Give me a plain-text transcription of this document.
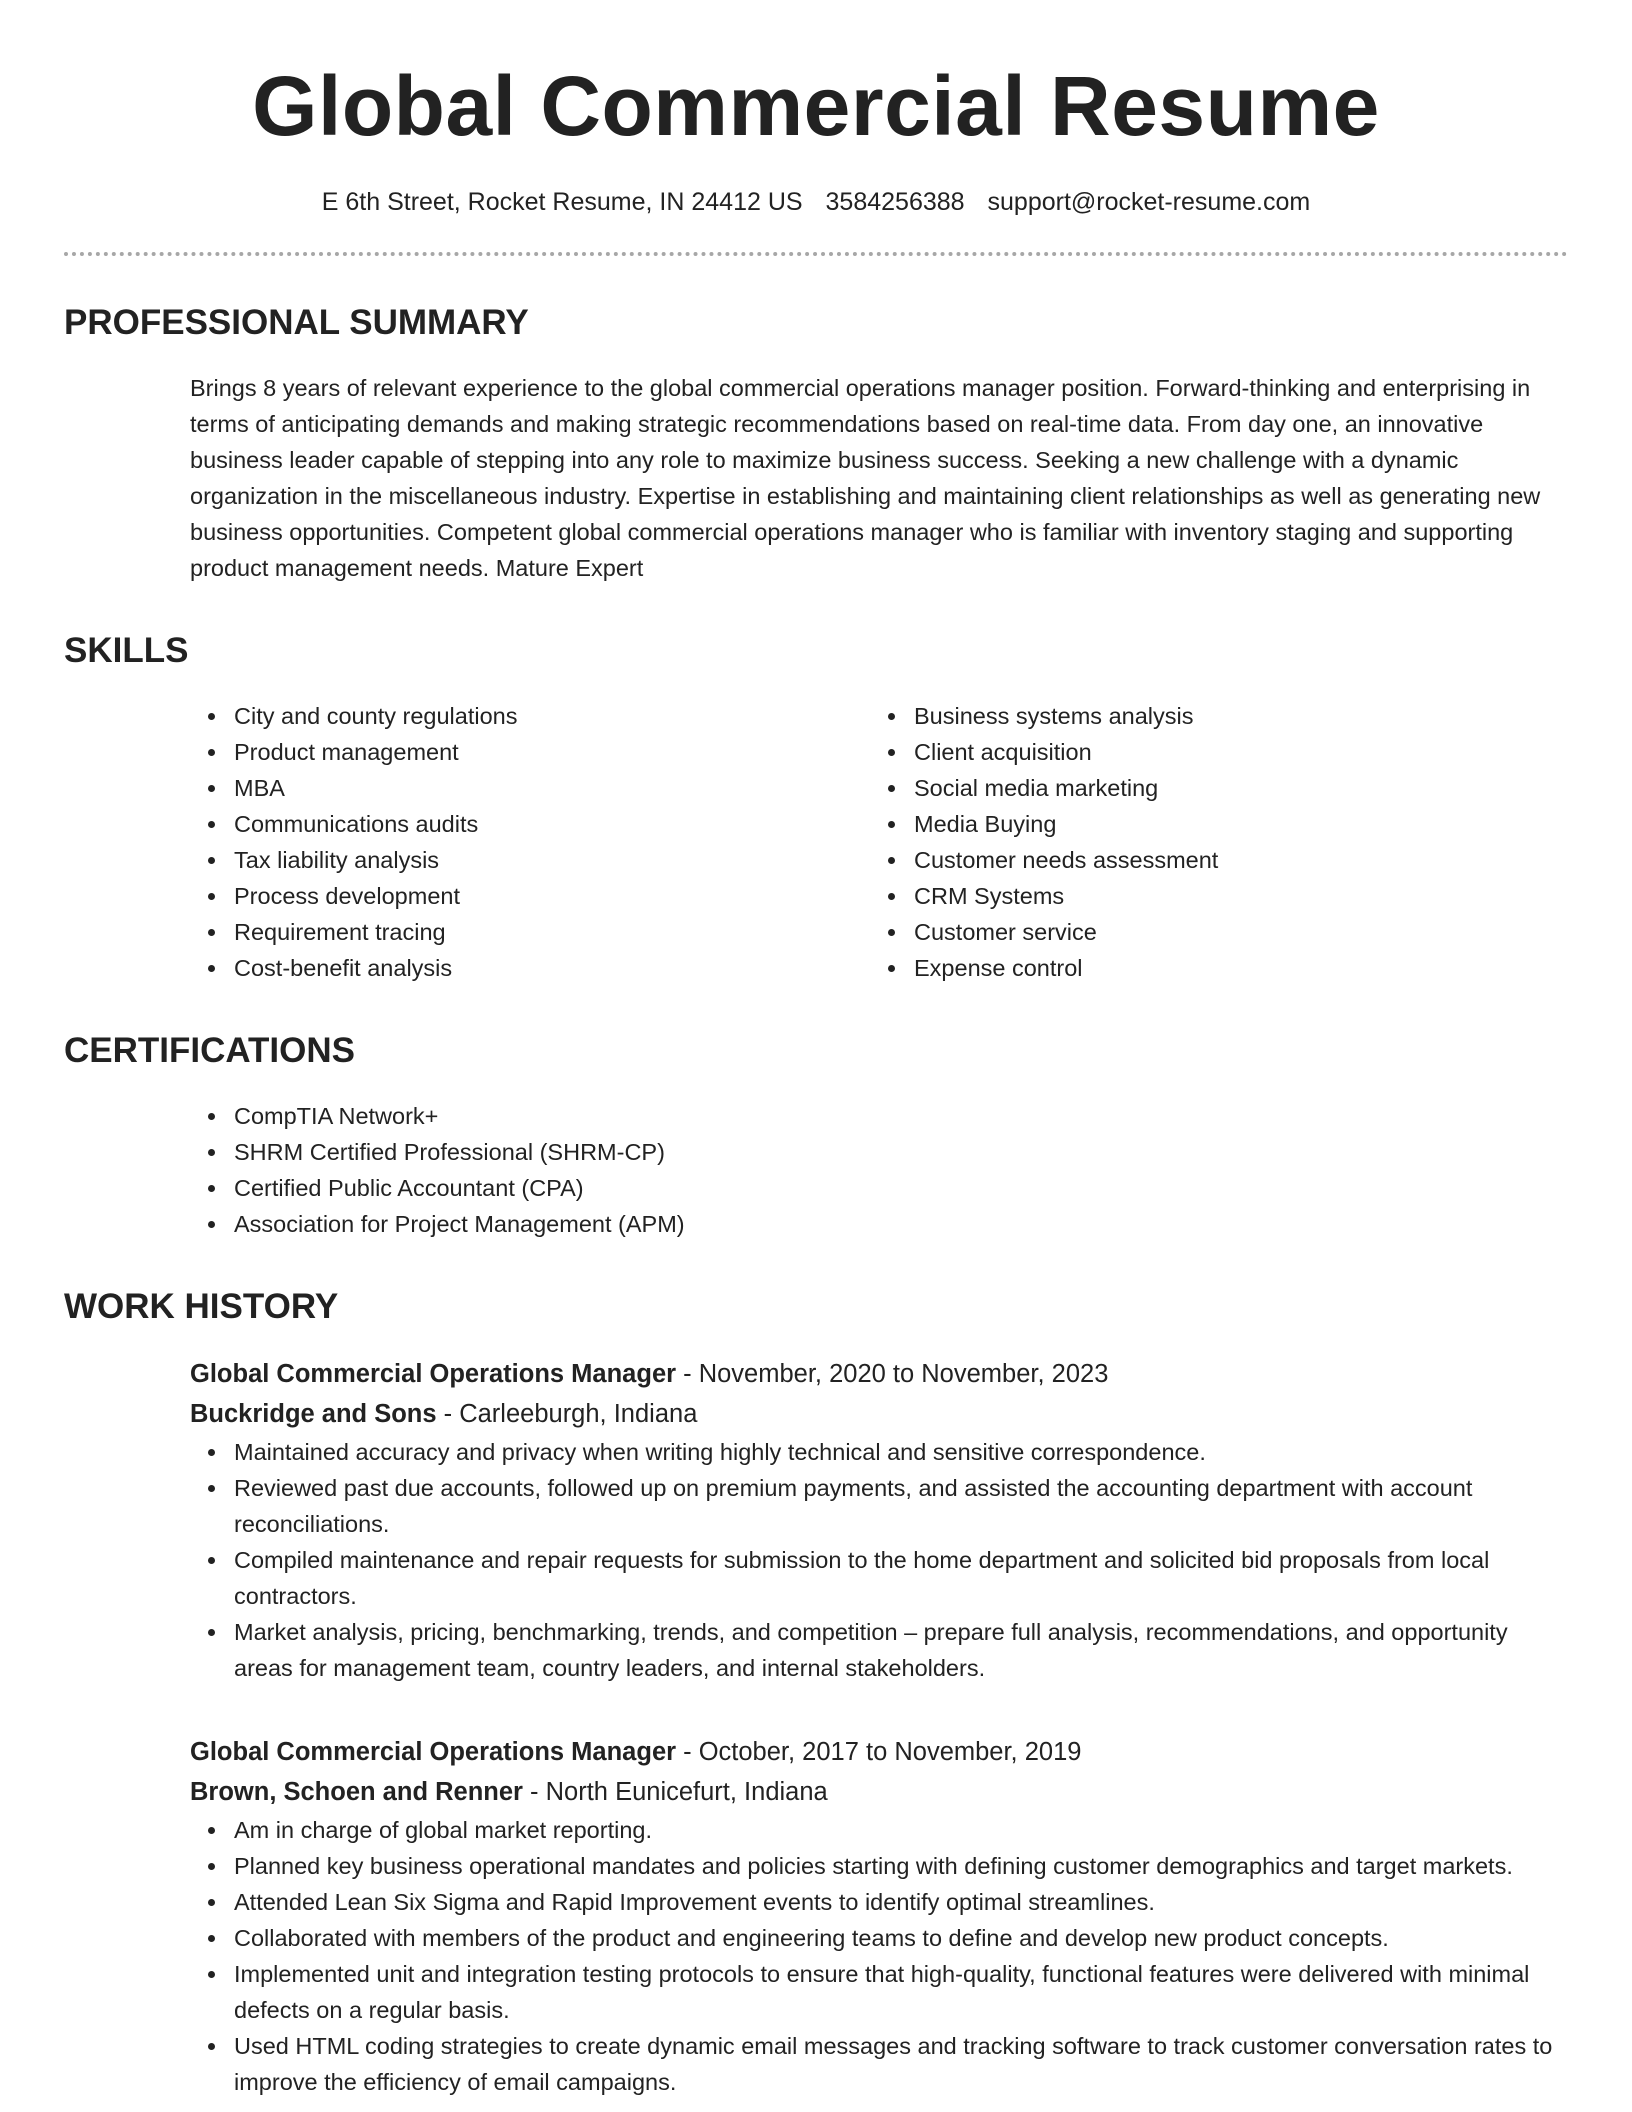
Global Commercial Resume
E 6th Street, Rocket Resume, IN 24412 US 3584256388 support@rocket-resume.com
PROFESSIONAL SUMMARY
Brings 8 years of relevant experience to the global commercial operations manager position. Forward-thinking and enterprising in terms of anticipating demands and making strategic recommendations based on real-time data. From day one, an innovative business leader capable of stepping into any role to maximize business success. Seeking a new challenge with a dynamic organization in the miscellaneous industry. Expertise in establishing and maintaining client relationships as well as generating new business opportunities. Competent global commercial operations manager who is familiar with inventory staging and supporting product management needs. Mature Expert
SKILLS
City and county regulations
Product management
MBA
Communications audits
Tax liability analysis
Process development
Requirement tracing
Cost-benefit analysis
Business systems analysis
Client acquisition
Social media marketing
Media Buying
Customer needs assessment
CRM Systems
Customer service
Expense control
CERTIFICATIONS
CompTIA Network+
SHRM Certified Professional (SHRM-CP)
Certified Public Accountant (CPA)
Association for Project Management (APM)
WORK HISTORY
Global Commercial Operations Manager - November, 2020 to November, 2023
Buckridge and Sons - Carleeburgh, Indiana
Maintained accuracy and privacy when writing highly technical and sensitive correspondence.
Reviewed past due accounts, followed up on premium payments, and assisted the accounting department with account reconciliations.
Compiled maintenance and repair requests for submission to the home department and solicited bid proposals from local contractors.
Market analysis, pricing, benchmarking, trends, and competition – prepare full analysis, recommendations, and opportunity areas for management team, country leaders, and internal stakeholders.
Global Commercial Operations Manager - October, 2017 to November, 2019
Brown, Schoen and Renner - North Eunicefurt, Indiana
Am in charge of global market reporting.
Planned key business operational mandates and policies starting with defining customer demographics and target markets.
Attended Lean Six Sigma and Rapid Improvement events to identify optimal streamlines.
Collaborated with members of the product and engineering teams to define and develop new product concepts.
Implemented unit and integration testing protocols to ensure that high-quality, functional features were delivered with minimal defects on a regular basis.
Used HTML coding strategies to create dynamic email messages and tracking software to track customer conversation rates to improve the efficiency of email campaigns.
